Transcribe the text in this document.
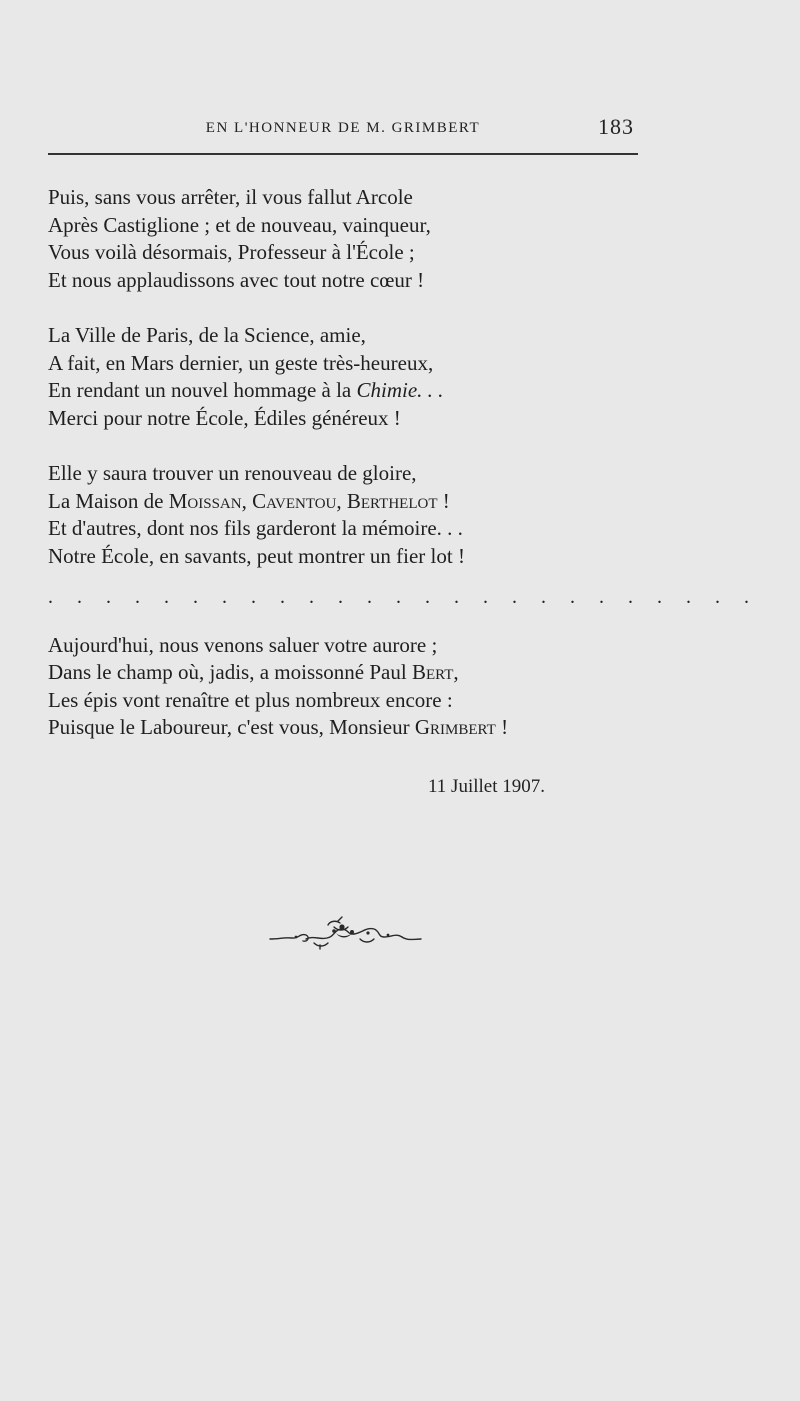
EN L'HONNEUR DE M. GRIMBERT	183
Puis, sans vous arrêter, il vous fallut Arcole
Après Castiglione ; et de nouveau, vainqueur,
Vous voilà désormais, Professeur à l'École ;
Et nous applaudissons avec tout notre cœur !
La Ville de Paris, de la Science, amie,
A fait, en Mars dernier, un geste très-heureux,
En rendant un nouvel hommage à la Chimie. . .
Merci pour notre École, Édiles généreux !
Elle y saura trouver un renouveau de gloire,
La Maison de Moissan, Caventou, Berthelot !
Et d'autres, dont nos fils garderont la mémoire. . .
Notre École, en savants, peut montrer un fier lot !
. . . . . . . . . . . . . . . . . . . . . . . . .
Aujourd'hui, nous venons saluer votre aurore ;
Dans le champ où, jadis, a moissonné Paul Bert,
Les épis vont renaître et plus nombreux encore :
Puisque le Laboureur, c'est vous, Monsieur Grimbert !
11 Juillet 1907.
